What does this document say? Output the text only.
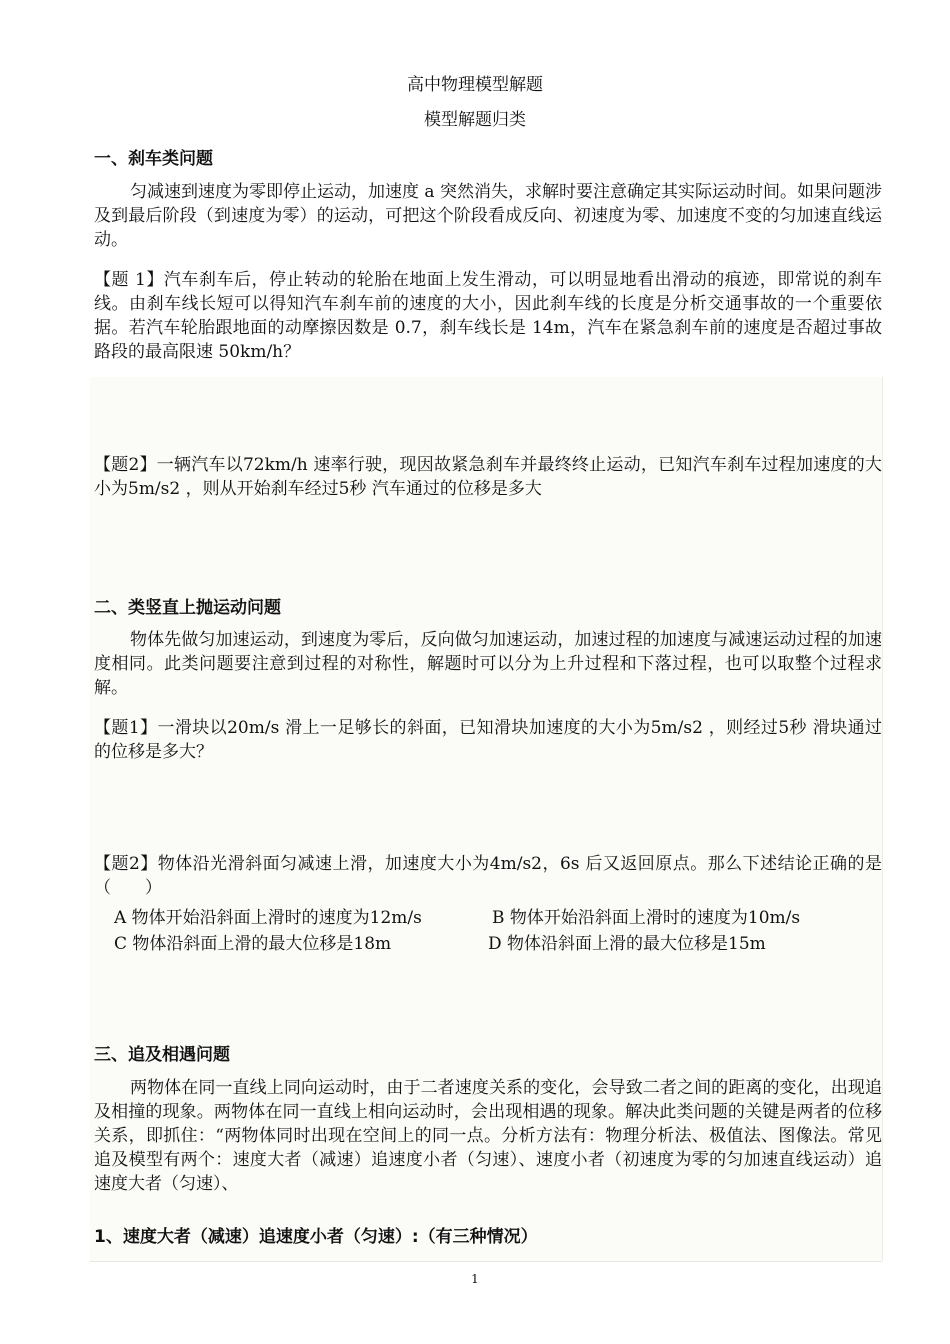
高中物理模型解题
模型解题归类
一、刹车类问题
匀减速到速度为零即停止运动，加速度 a 突然消失，求解时要注意确定其实际运动时间。如果问题涉及到最后阶段（到速度为零）的运动，可把这个阶段看成反向、初速度为零、加速度不变的匀加速直线运动。
【题 1】汽车刹车后，停止转动的轮胎在地面上发生滑动，可以明显地看出滑动的痕迹，即常说的刹车线。由刹车线长短可以得知汽车刹车前的速度的大小，因此刹车线的长度是分析交通事故的一个重要依据。若汽车轮胎跟地面的动摩擦因数是 0.7，刹车线长是 14m，汽车在紧急刹车前的速度是否超过事故路段的最高限速 50km/h？
【题2】一辆汽车以72km/h 速率行驶，现因故紧急刹车并最终终止运动，已知汽车刹车过程加速度的大小为5m/s2 ，则从开始刹车经过5秒 汽车通过的位移是多大
二、类竖直上抛运动问题
物体先做匀加速运动，到速度为零后，反向做匀加速运动，加速过程的加速度与减速运动过程的加速度相同。此类问题要注意到过程的对称性，解题时可以分为上升过程和下落过程，也可以取整个过程求解。
【题1】一滑块以20m/s 滑上一足够长的斜面，已知滑块加速度的大小为5m/s2 ，则经过5秒 滑块通过的位移是多大？
【题2】物体沿光滑斜面匀减速上滑，加速度大小为4m/s2，6s 后又返回原点。那么下述结论正确的是（　　）
A 物体开始沿斜面上滑时的速度为12m/s	B 物体开始沿斜面上滑时的速度为10m/s
C 物体沿斜面上滑的最大位移是18m	D 物体沿斜面上滑的最大位移是15m
三、追及相遇问题
两物体在同一直线上同向运动时，由于二者速度关系的变化，会导致二者之间的距离的变化，出现追及相撞的现象。两物体在同一直线上相向运动时，会出现相遇的现象。解决此类问题的关键是两者的位移关系，即抓住：“两物体同时出现在空间上的同一点。分析方法有：物理分析法、极值法、图像法。常见追及模型有两个：速度大者（减速）追速度小者（匀速）、速度小者（初速度为零的匀加速直线运动）追速度大者（匀速）、
1、速度大者（减速）追速度小者（匀速）:（有三种情况）
1
